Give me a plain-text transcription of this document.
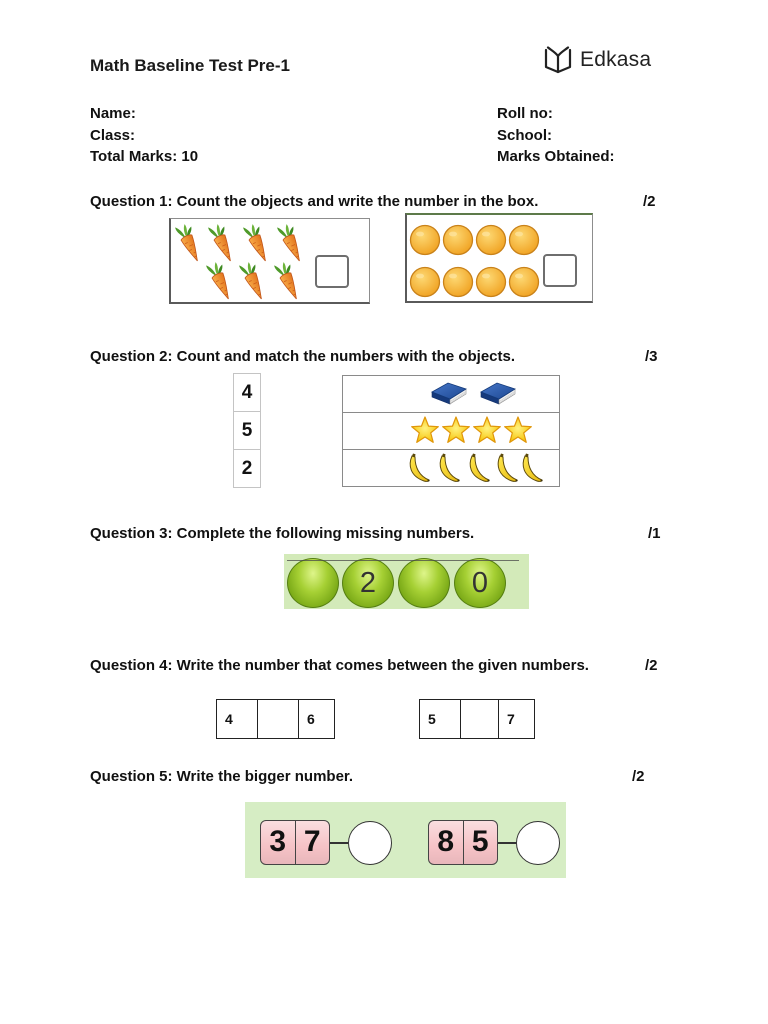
Math Baseline Test Pre-1	Edkasa
Name:
Class:
Total Marks: 10
Roll no:
School:
Marks Obtained:
Question 1: Count the objects and write the number in the box.	/2
Question 2: Count and match the numbers with the objects.	/3
4
5
2
Question 3: Complete the following missing numbers.	/1
2	0
Question 4: Write the number that comes between the given numbers.	/2
4	6	5	7
Question 5: Write the bigger number.	/2
3 7	8 5
